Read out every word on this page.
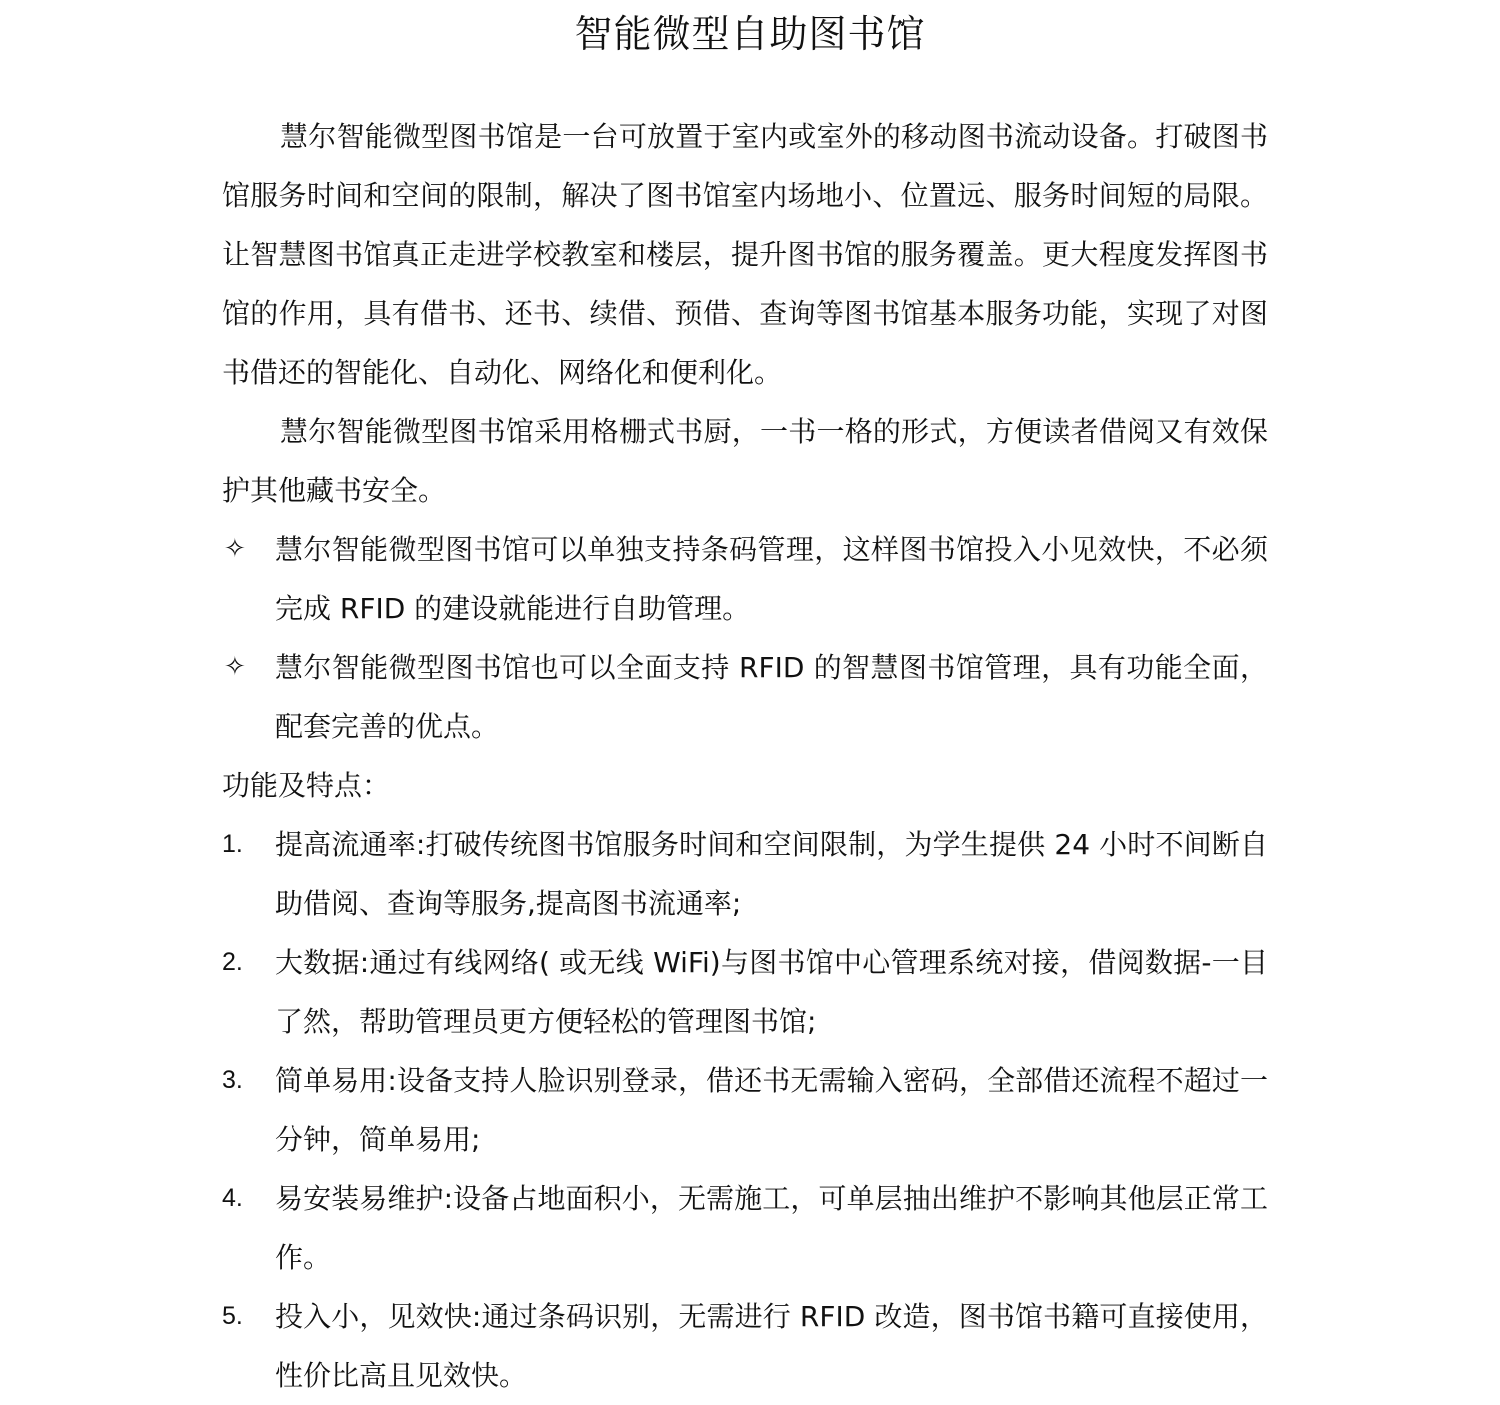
智能微型自助图书馆

慧尔智能微型图书馆是一台可放置于室内或室外的移动图书流动设备。打破图书馆服务时间和空间的限制，解决了图书馆室内场地小、位置远、服务时间短的局限。让智慧图书馆真正走进学校教室和楼层，提升图书馆的服务覆盖。更大程度发挥图书馆的作用，具有借书、还书、续借、预借、查询等图书馆基本服务功能，实现了对图书借还的智能化、自动化、网络化和便利化。

慧尔智能微型图书馆采用格栅式书厨，一书一格的形式，方便读者借阅又有效保护其他藏书安全。

✧ 慧尔智能微型图书馆可以单独支持条码管理，这样图书馆投入小见效快，不必须完成 RFID 的建设就能进行自助管理。
✧ 慧尔智能微型图书馆也可以全面支持 RFID 的智慧图书馆管理，具有功能全面，配套完善的优点。

功能及特点：

1. 提高流通率:打破传统图书馆服务时间和空间限制，为学生提供 24 小时不间断自助借阅、查询等服务,提高图书流通率;
2. 大数据:通过有线网络( 或无线 WiFi)与图书馆中心管理系统对接，借阅数据-一目了然，帮助管理员更方便轻松的管理图书馆;
3. 简单易用:设备支持人脸识别登录，借还书无需输入密码，全部借还流程不超过一分钟，简单易用;
4. 易安装易维护:设备占地面积小，无需施工，可单层抽出维护不影响其他层正常工作。
5. 投入小，见效快:通过条码识别，无需进行 RFID 改造，图书馆书籍可直接使用，性价比高且见效快。
